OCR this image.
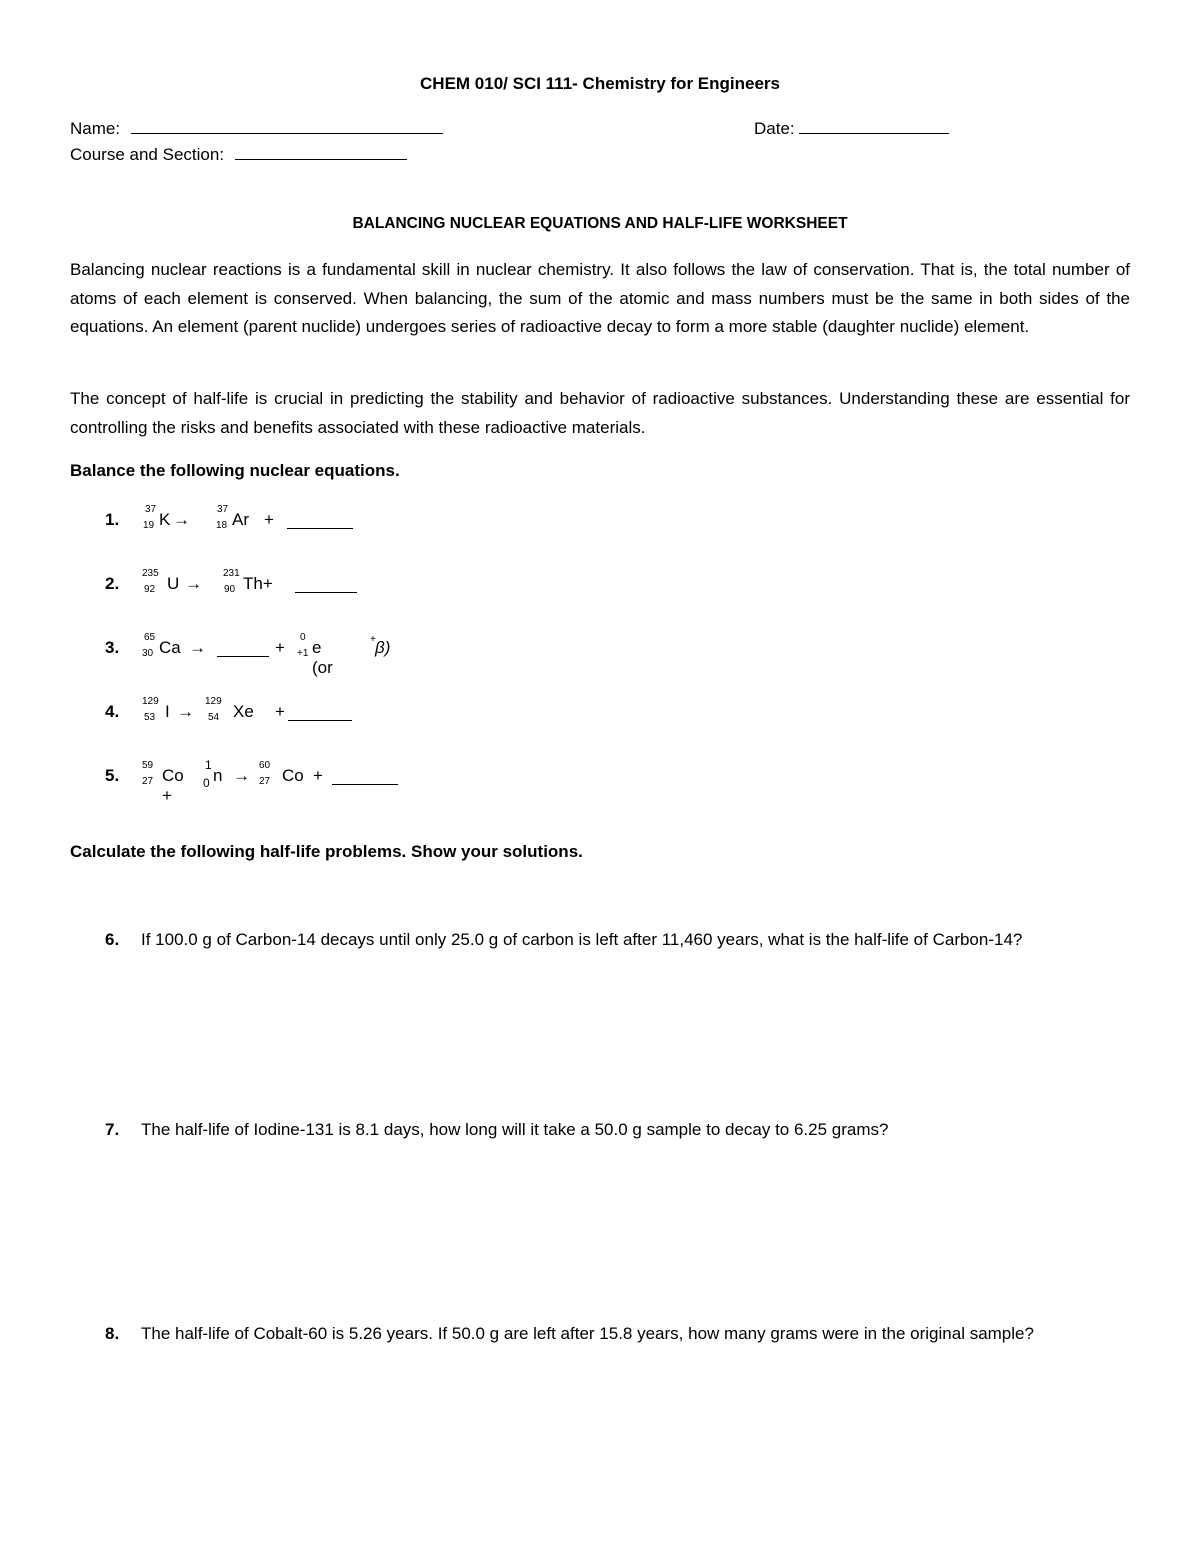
CHEM 010/ SCI 111- Chemistry for Engineers
Name:	Date:
Course and Section:
BALANCING NUCLEAR EQUATIONS AND HALF-LIFE WORKSHEET

Balancing nuclear reactions is a fundamental skill in nuclear chemistry. It also follows the law of conservation. That is, the total number of atoms of each element is conserved. When balancing, the sum of the atomic and mass numbers must be the same in both sides of the equations. An element (parent nuclide) undergoes series of radioactive decay to form a more stable (daughter nuclide) element.

The concept of half-life is crucial in predicting the stability and behavior of radioactive substances. Understanding these are essential for controlling the risks and benefits associated with these radioactive materials.

Balance the following nuclear equations.
1.
37
19 K →
37
18 Ar +
2.
235
92 U →
231
90 Th+
3.
65
30 Ca →	+
0
+1 e (or
+ β)
4.
129
53 I →
129
54 Xe +
5.
59
27 Co +
1
0 n →
60
27 Co +
Calculate the following half-life problems. Show your solutions.
6. If 100.0 g of Carbon-14 decays until only 25.0 g of carbon is left after 11,460 years, what is the half-life of Carbon-14?
7. The half-life of Iodine-131 is 8.1 days, how long will it take a 50.0 g sample to decay to 6.25 grams?
8. The half-life of Cobalt-60 is 5.26 years. If 50.0 g are left after 15.8 years, how many grams were in the original sample?
